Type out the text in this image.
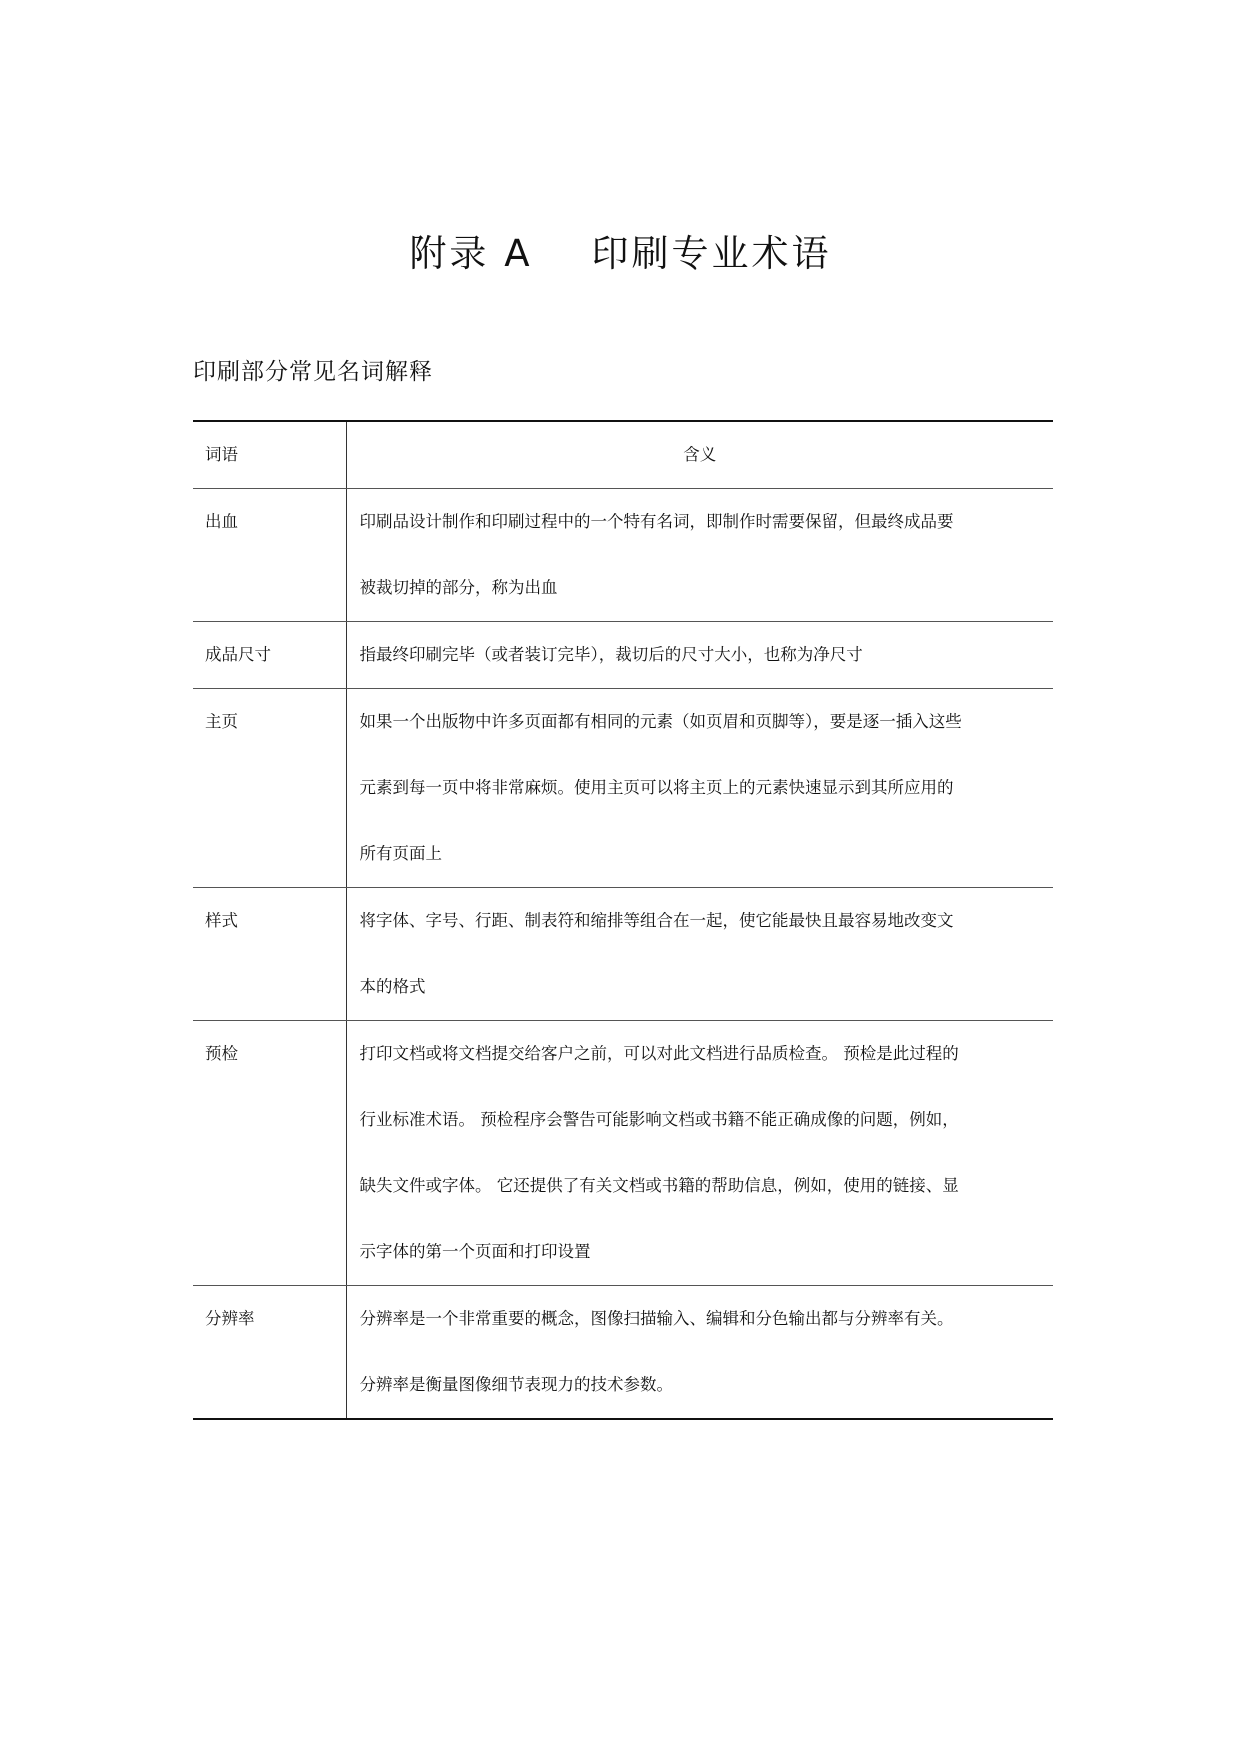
附录 A    印刷专业术语
印刷部分常见名词解释
词语	含义
出血	印刷品设计制作和印刷过程中的一个特有名词，即制作时需要保留，但最终成品要
被裁切掉的部分，称为出血

成品尺寸	指最终印刷完毕（或者装订完毕），裁切后的尺寸大小，也称为净尺寸

主页	如果一个出版物中许多页面都有相同的元素（如页眉和页脚等），要是逐一插入这些
元素到每一页中将非常麻烦。使用主页可以将主页上的元素快速显示到其所应用的
所有页面上

样式	将字体、字号、行距、制表符和缩排等组合在一起，使它能最快且最容易地改变文
本的格式

预检	打印文档或将文档提交给客户之前，可以对此文档进行品质检查。 预检是此过程的
行业标准术语。 预检程序会警告可能影响文档或书籍不能正确成像的问题，例如，
缺失文件或字体。 它还提供了有关文档或书籍的帮助信息，例如，使用的链接、显
示字体的第一个页面和打印设置

分辨率	分辨率是一个非常重要的概念，图像扫描输入、编辑和分色输出都与分辨率有关。
分辨率是衡量图像细节表现力的技术参数。
